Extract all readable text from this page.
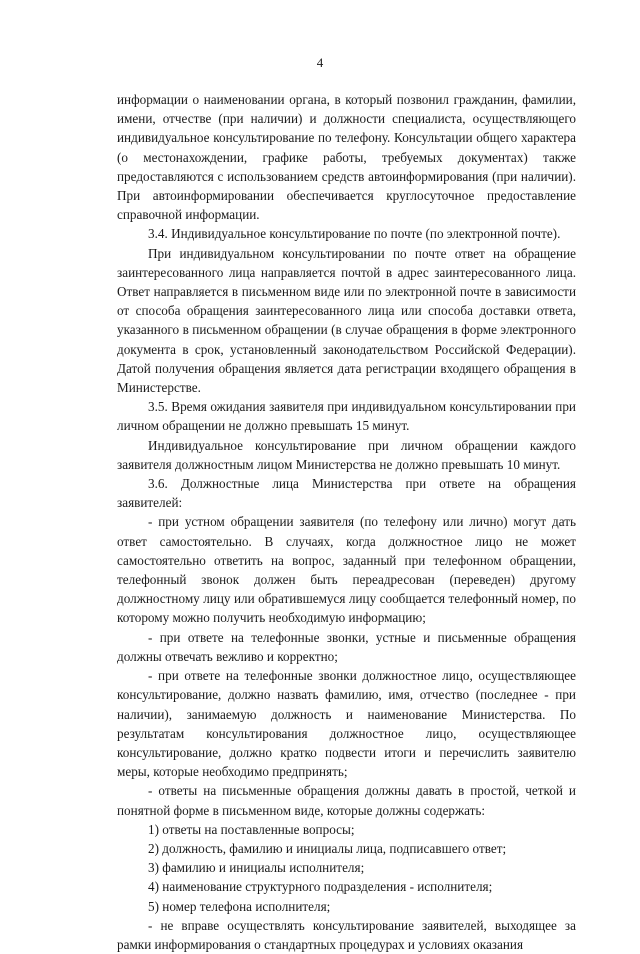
4

информации о наименовании органа, в который позвонил гражданин, фамилии, имени, отчестве (при наличии) и должности специалиста, осуществляющего индивидуальное консультирование по телефону. Консультации общего характера (о местонахождении, графике работы, требуемых документах) также предоставляются с использованием средств автоинформирования (при наличии). При автоинформировании обеспечивается круглосуточное предоставление справочной информации.

3.4. Индивидуальное консультирование по почте (по электронной почте).

При индивидуальном консультировании по почте ответ на обращение заинтересованного лица направляется почтой в адрес заинтересованного лица. Ответ направляется в письменном виде или по электронной почте в зависимости от способа обращения заинтересованного лица или способа доставки ответа, указанного в письменном обращении (в случае обращения в форме электронного документа в срок, установленный законодательством Российской Федерации). Датой получения обращения является дата регистрации входящего обращения в Министерстве.

3.5. Время ожидания заявителя при индивидуальном консультировании при личном обращении не должно превышать 15 минут.

Индивидуальное консультирование при личном обращении каждого заявителя должностным лицом Министерства не должно превышать 10 минут.

3.6. Должностные лица Министерства при ответе на обращения заявителей:

- при устном обращении заявителя (по телефону или лично) могут дать ответ самостоятельно. В случаях, когда должностное лицо не может самостоятельно ответить на вопрос, заданный при телефонном обращении, телефонный звонок должен быть переадресован (переведен) другому должностному лицу или обратившемуся лицу сообщается телефонный номер, по которому можно получить необходимую информацию;

- при ответе на телефонные звонки, устные и письменные обращения должны отвечать вежливо и корректно;

- при ответе на телефонные звонки должностное лицо, осуществляющее консультирование, должно назвать фамилию, имя, отчество (последнее - при наличии), занимаемую должность и наименование Министерства. По результатам консультирования должностное лицо, осуществляющее консультирование, должно кратко подвести итоги и перечислить заявителю меры, которые необходимо предпринять;

- ответы на письменные обращения должны давать в простой, четкой и понятной форме в письменном виде, которые должны содержать:

1) ответы на поставленные вопросы;

2) должность, фамилию и инициалы лица, подписавшего ответ;

3) фамилию и инициалы исполнителя;

4) наименование структурного подразделения - исполнителя;

5) номер телефона исполнителя;

- не вправе осуществлять консультирование заявителей, выходящее за рамки информирования о стандартных процедурах и условиях оказания
